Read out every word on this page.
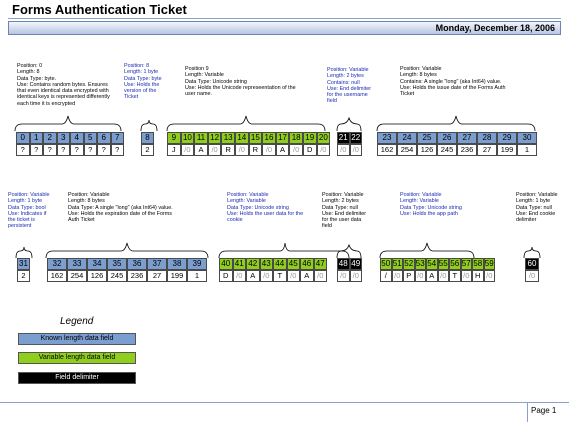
Forms Authentication Ticket
Monday, December 18, 2006
Position: 0
Length: 8
Data Type: byte.
Use: Contains random bytes. Ensures
that even identical data encrypted with
identical keys is represented differently
each time it is encrypted
Position: 8
Length: 1 byte
Data Type: byte
Use: Holds the
version of the
Ticket
Position 9
Length: Variable
Data Type: Unicode string
Use: Holds the Unicode represeentation of the
user name.
Position: Variable
Length: 2 bytes
Contains: null
Use: End delimiter
for the username
field
Position: Variable
Length: 8 bytes
Contains: A single "long" (aka Int64) value.
Use: Holds the issue date of the Forms Auth
Ticket
Position: Variable
Length: 1 byte
Data Type: bool
Use: Indicates if
the ticket is
persistent
Position: Variable
Length: 8 bytes
Data Type: A single "long" (aka Int64) value.
Use: Holds the expiration date of the Forms
Auth Ticket
Position: Variable
Length: Variable
Data Type: Unicode string
Use: Holds the user data for the
cookie
Position: Variable
Length: 2 bytes
Data Type: null
Use: End delimiter
for the user data
field
Position: Variable
Length: Variable
Data Type: Unicode string
Use: Holds the app path
Position: Variable
Length: 1 byte
Data Type: null
Use: End cookie
delimiter
0
?
1
?
2
?
3
?
4
?
5
?
6
?
7
?
8
2
9
J
10
/0
11
A
12
/0
13
R
14
/0
15
R
16
/0
17
A
18
/0
19
D
20
/0
21
/0
22
/0
23
162
24
254
25
126
26
245
27
236
28
27
29
199
30
1
31
2
32
162
33
254
34
126
35
245
36
236
37
27
38
199
39
1
40
D
41
/0
42
A
43
/0
44
T
45
/0
46
A
47
/0
48
/0
49
/0
50
/
51
/0
52
P
53
/0
54
A
55
/0
56
T
57
/0
58
H
59
/0
60
/0
Legend
Known length data field
Variable length data field
Field delimiter
Page 1
